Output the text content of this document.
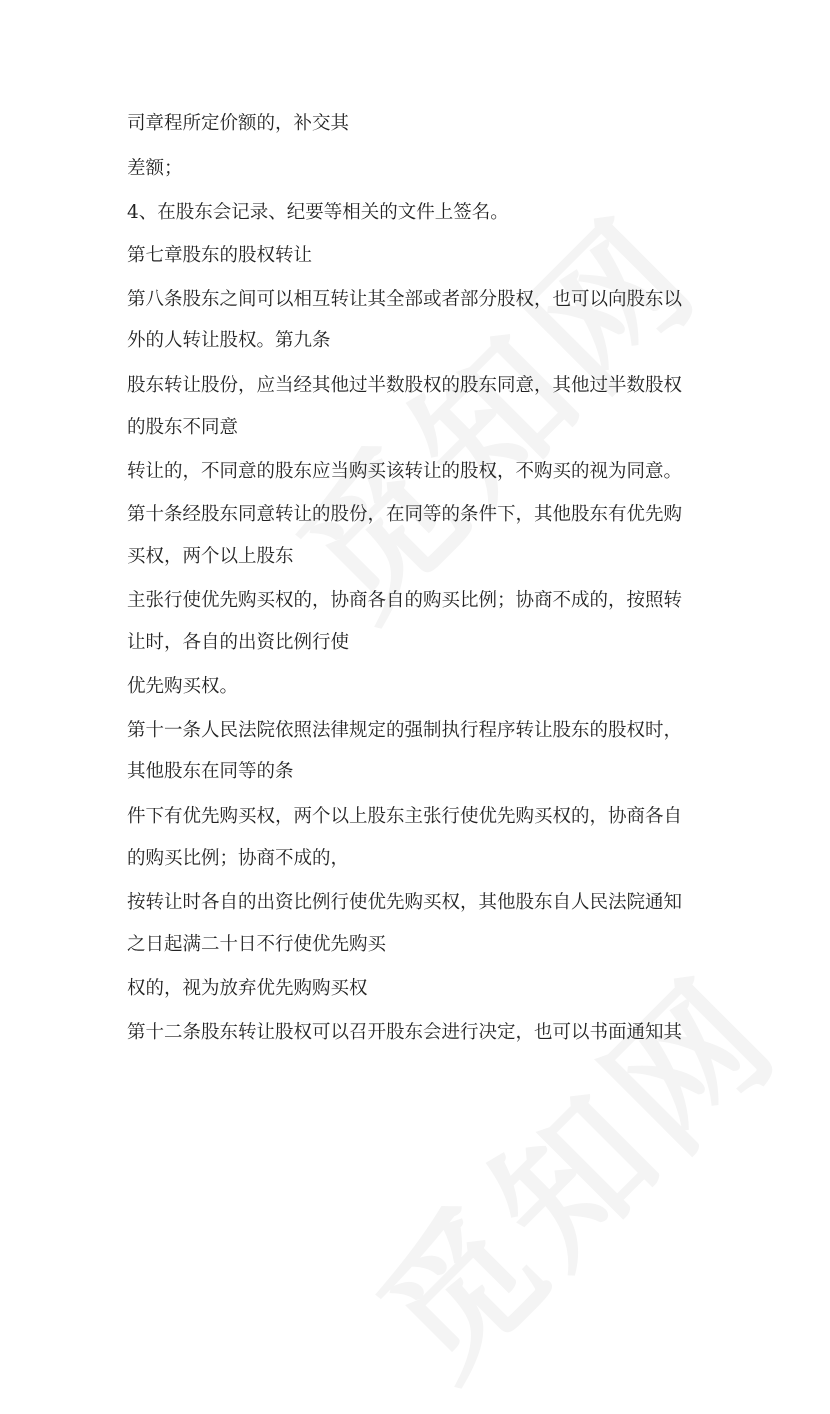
司章程所定价额的，补交其

差额；

4、在股东会记录、纪要等相关的文件上签名。

第七章股东的股权转让

第八条股东之间可以相互转让其全部或者部分股权，也可以向股东以

外的人转让股权。第九条

股东转让股份，应当经其他过半数股权的股东同意，其他过半数股权

的股东不同意

转让的，不同意的股东应当购买该转让的股权，不购买的视为同意。

第十条经股东同意转让的股份，在同等的条件下，其他股东有优先购

买权，两个以上股东

主张行使优先购买权的，协商各自的购买比例；协商不成的，按照转

让时，各自的出资比例行使

优先购买权。

第十一条人民法院依照法律规定的强制执行程序转让股东的股权时，

其他股东在同等的条

件下有优先购买权，两个以上股东主张行使优先购买权的，协商各自

的购买比例；协商不成的，

按转让时各自的出资比例行使优先购买权，其他股东自人民法院通知

之日起满二十日不行使优先购买

权的，视为放弃优先购购买权

第十二条股东转让股权可以召开股东会进行决定，也可以书面通知其
